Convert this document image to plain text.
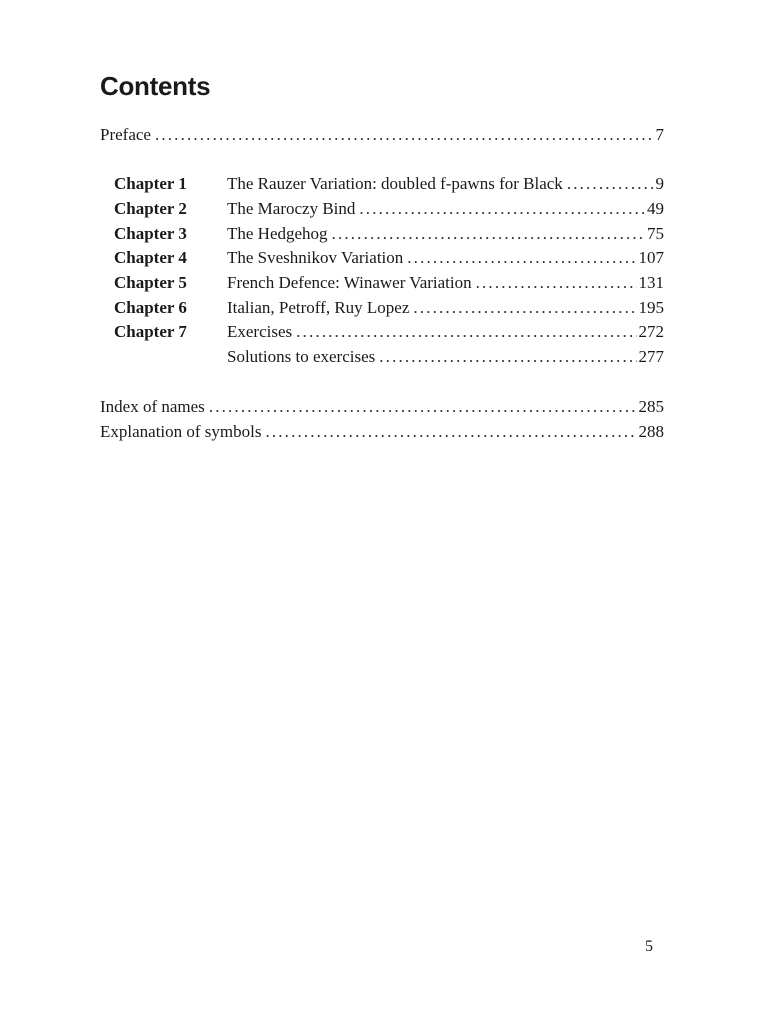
Contents
Preface . . .	7
Chapter 1	The Rauzer Variation: doubled f-pawns for Black . . .	9
Chapter 2	The Maroczy Bind . . .	49
Chapter 3	The Hedgehog . . .	75
Chapter 4	The Sveshnikov Variation . . .	107
Chapter 5	French Defence: Winawer Variation . . .	131
Chapter 6	Italian, Petroff, Ruy Lopez . . .	195
Chapter 7	Exercises . . .	272
Solutions to exercises . . .	277
Index of names . . .	285
Explanation of symbols . . .	288
5
